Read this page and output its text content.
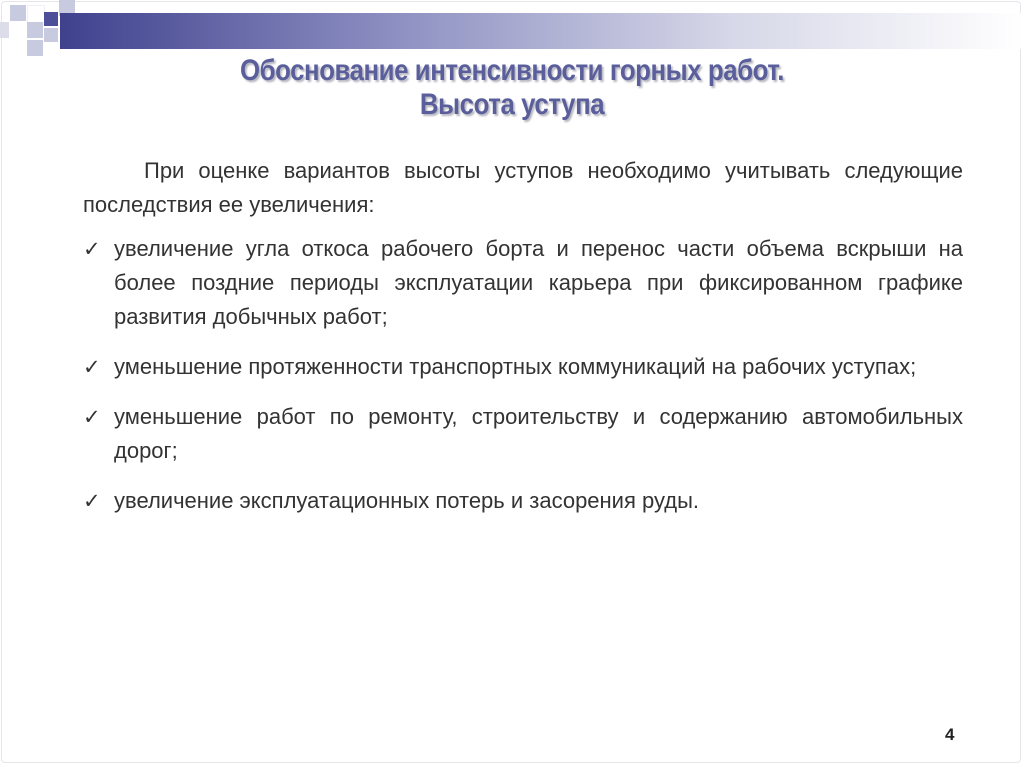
Обоснование интенсивности горных работ.
Высота уступа

При оценке вариантов высоты уступов необходимо учитывать следующие последствия ее увеличения:

✓ увеличение угла откоса рабочего борта и перенос части объема вскрыши на более поздние периоды эксплуатации карьера при фиксированном графике развития добычных работ;
✓ уменьшение протяженности транспортных коммуникаций на рабочих уступах;
✓ уменьшение работ по ремонту, строительству и содержанию автомобильных дорог;
✓ увеличение эксплуатационных потерь и засорения руды.
4
